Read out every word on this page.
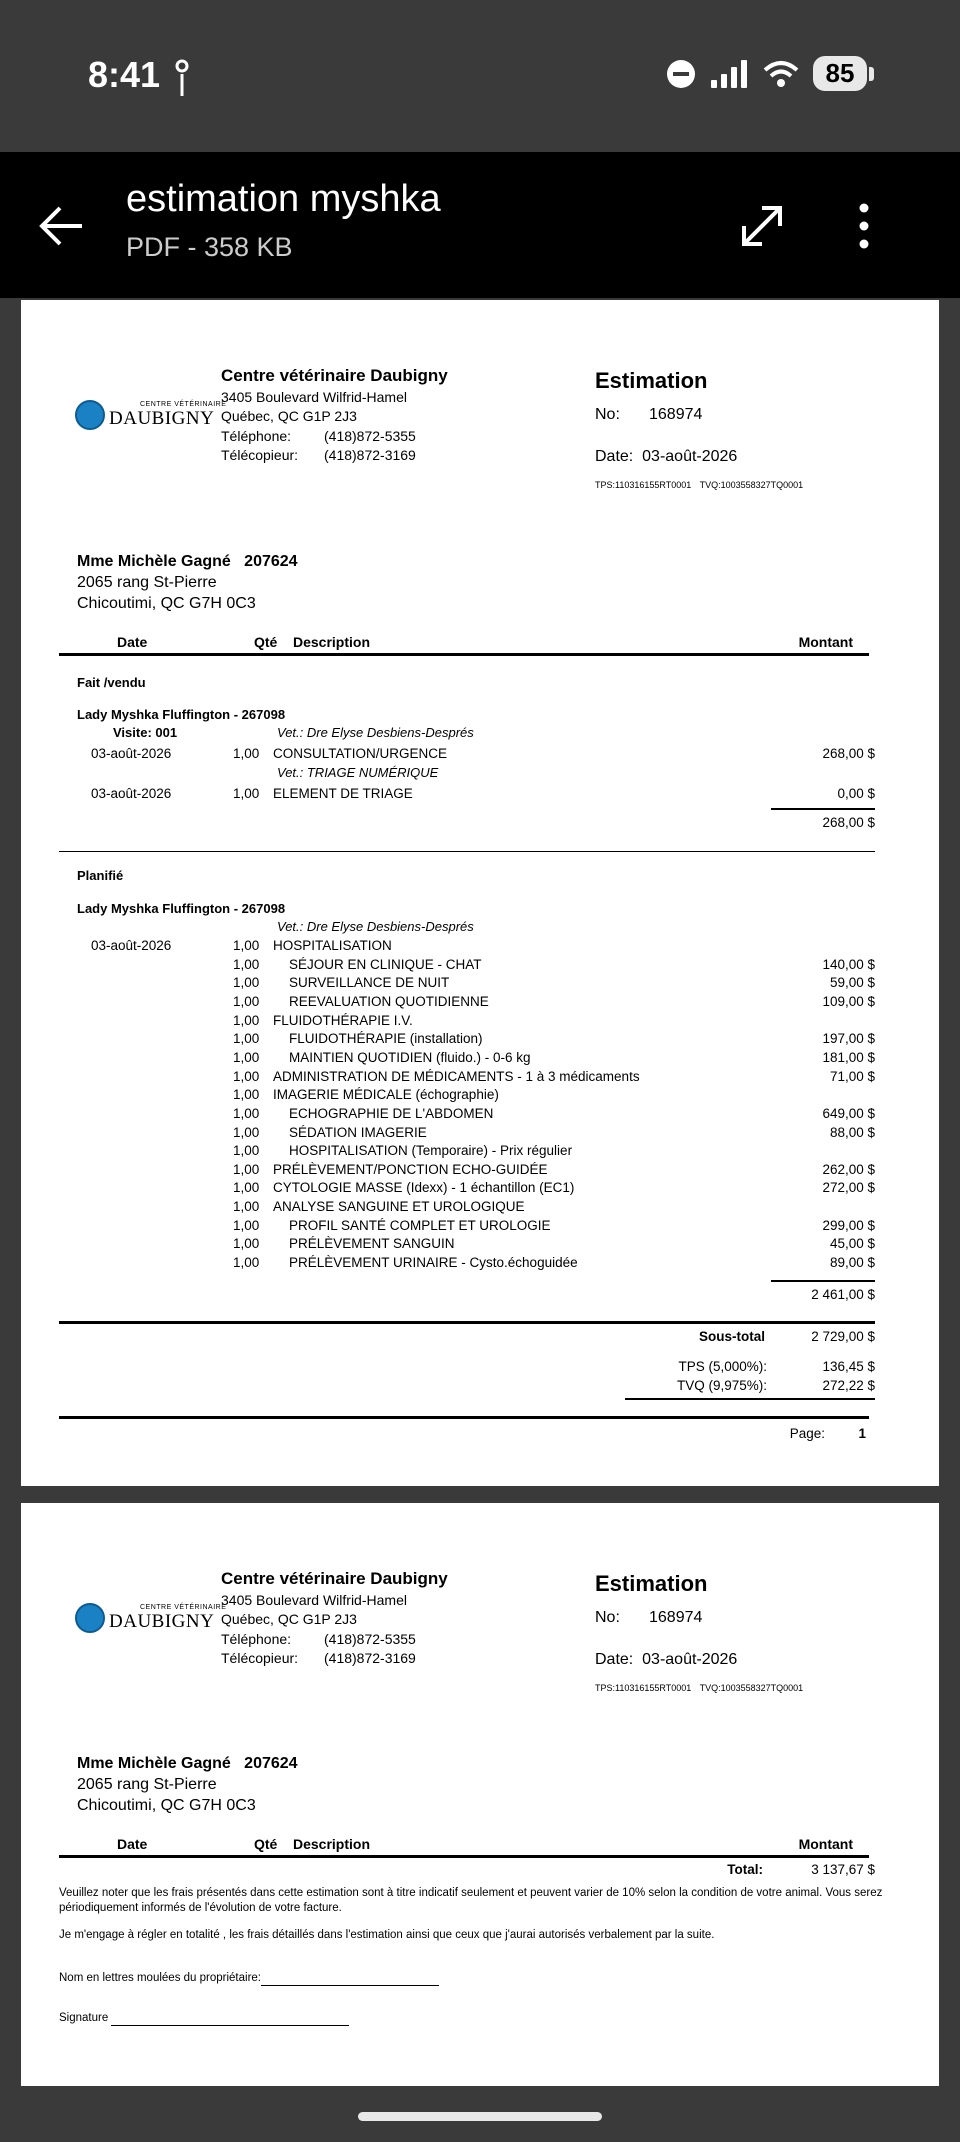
8:41	85
estimation myshka
PDF - 358 KB
CENTRE VÉTÉRINAIRE
DAUBIGNY
Centre vétérinaire Daubigny
3405 Boulevard Wilfrid-Hamel
Québec, QC G1P 2J3
Téléphone:	(418)872-5355
Télécopieur:	(418)872-3169
Estimation
No:	168974
Date: 03-août-2026
TPS:110316155RT0001 TVQ:1003558327TQ0001
Mme Michèle Gagné 207624
2065 rang St-Pierre
Chicoutimi, QC G7H 0C3
Date	Qté Description	Montant
Fait /vendu
Lady Myshka Fluffington - 267098
Visite: 001	Vet.: Dre Elyse Desbiens-Després
03-août-2026	1,00 CONSULTATION/URGENCE	268,00 $
Vet.: TRIAGE NUMÉRIQUE
03-août-2026	1,00 ELEMENT DE TRIAGE	0,00 $
268,00 $
Planifié
Lady Myshka Fluffington - 267098
Vet.: Dre Elyse Desbiens-Després
03-août-2026	1,00 HOSPITALISATION
1,00 SÉJOUR EN CLINIQUE - CHAT	140,00 $
1,00 SURVEILLANCE DE NUIT	59,00 $
1,00 REEVALUATION QUOTIDIENNE	109,00 $
1,00 FLUIDOTHÉRAPIE I.V.
1,00 FLUIDOTHÉRAPIE (installation)	197,00 $
1,00 MAINTIEN QUOTIDIEN (fluido.) - 0-6 kg	181,00 $
1,00 ADMINISTRATION DE MÉDICAMENTS - 1 à 3 médicaments	71,00 $
1,00 IMAGERIE MÉDICALE (échographie)
1,00 ECHOGRAPHIE DE L'ABDOMEN	649,00 $
1,00 SÉDATION IMAGERIE	88,00 $
1,00 HOSPITALISATION (Temporaire) - Prix régulier
1,00 PRÉLÈVEMENT/PONCTION ECHO-GUIDÉE	262,00 $
1,00 CYTOLOGIE MASSE (Idexx) - 1 échantillon (EC1)	272,00 $
1,00 ANALYSE SANGUINE ET UROLOGIQUE
1,00 PROFIL SANTÉ COMPLET ET UROLOGIE	299,00 $
1,00 PRÉLÈVEMENT SANGUIN	45,00 $
1,00 PRÉLÈVEMENT URINAIRE - Cysto.échoguidée	89,00 $
2 461,00 $
Sous-total	2 729,00 $
TPS (5,000%):	136,45 $
TVQ (9,975%):	272,22 $
Page: 1
CENTRE VÉTÉRINAIRE
DAUBIGNY
Centre vétérinaire Daubigny
3405 Boulevard Wilfrid-Hamel
Québec, QC G1P 2J3
Téléphone:	(418)872-5355
Télécopieur:	(418)872-3169
Estimation
No:	168974
Date: 03-août-2026
TPS:110316155RT0001 TVQ:1003558327TQ0001
Mme Michèle Gagné 207624
2065 rang St-Pierre
Chicoutimi, QC G7H 0C3
Date	Qté Description	Montant
Total:	3 137,67 $
Veuillez noter que les frais présentés dans cette estimation sont à titre indicatif seulement et peuvent varier de 10% selon la condition de votre animal. Vous serez périodiquement informés de l'évolution de votre facture.
Je m'engage à régler en totalité , les frais détaillés dans l'estimation ainsi que ceux que j'aurai autorisés verbalement par la suite.
Nom en lettres moulées du propriétaire:
Signature
